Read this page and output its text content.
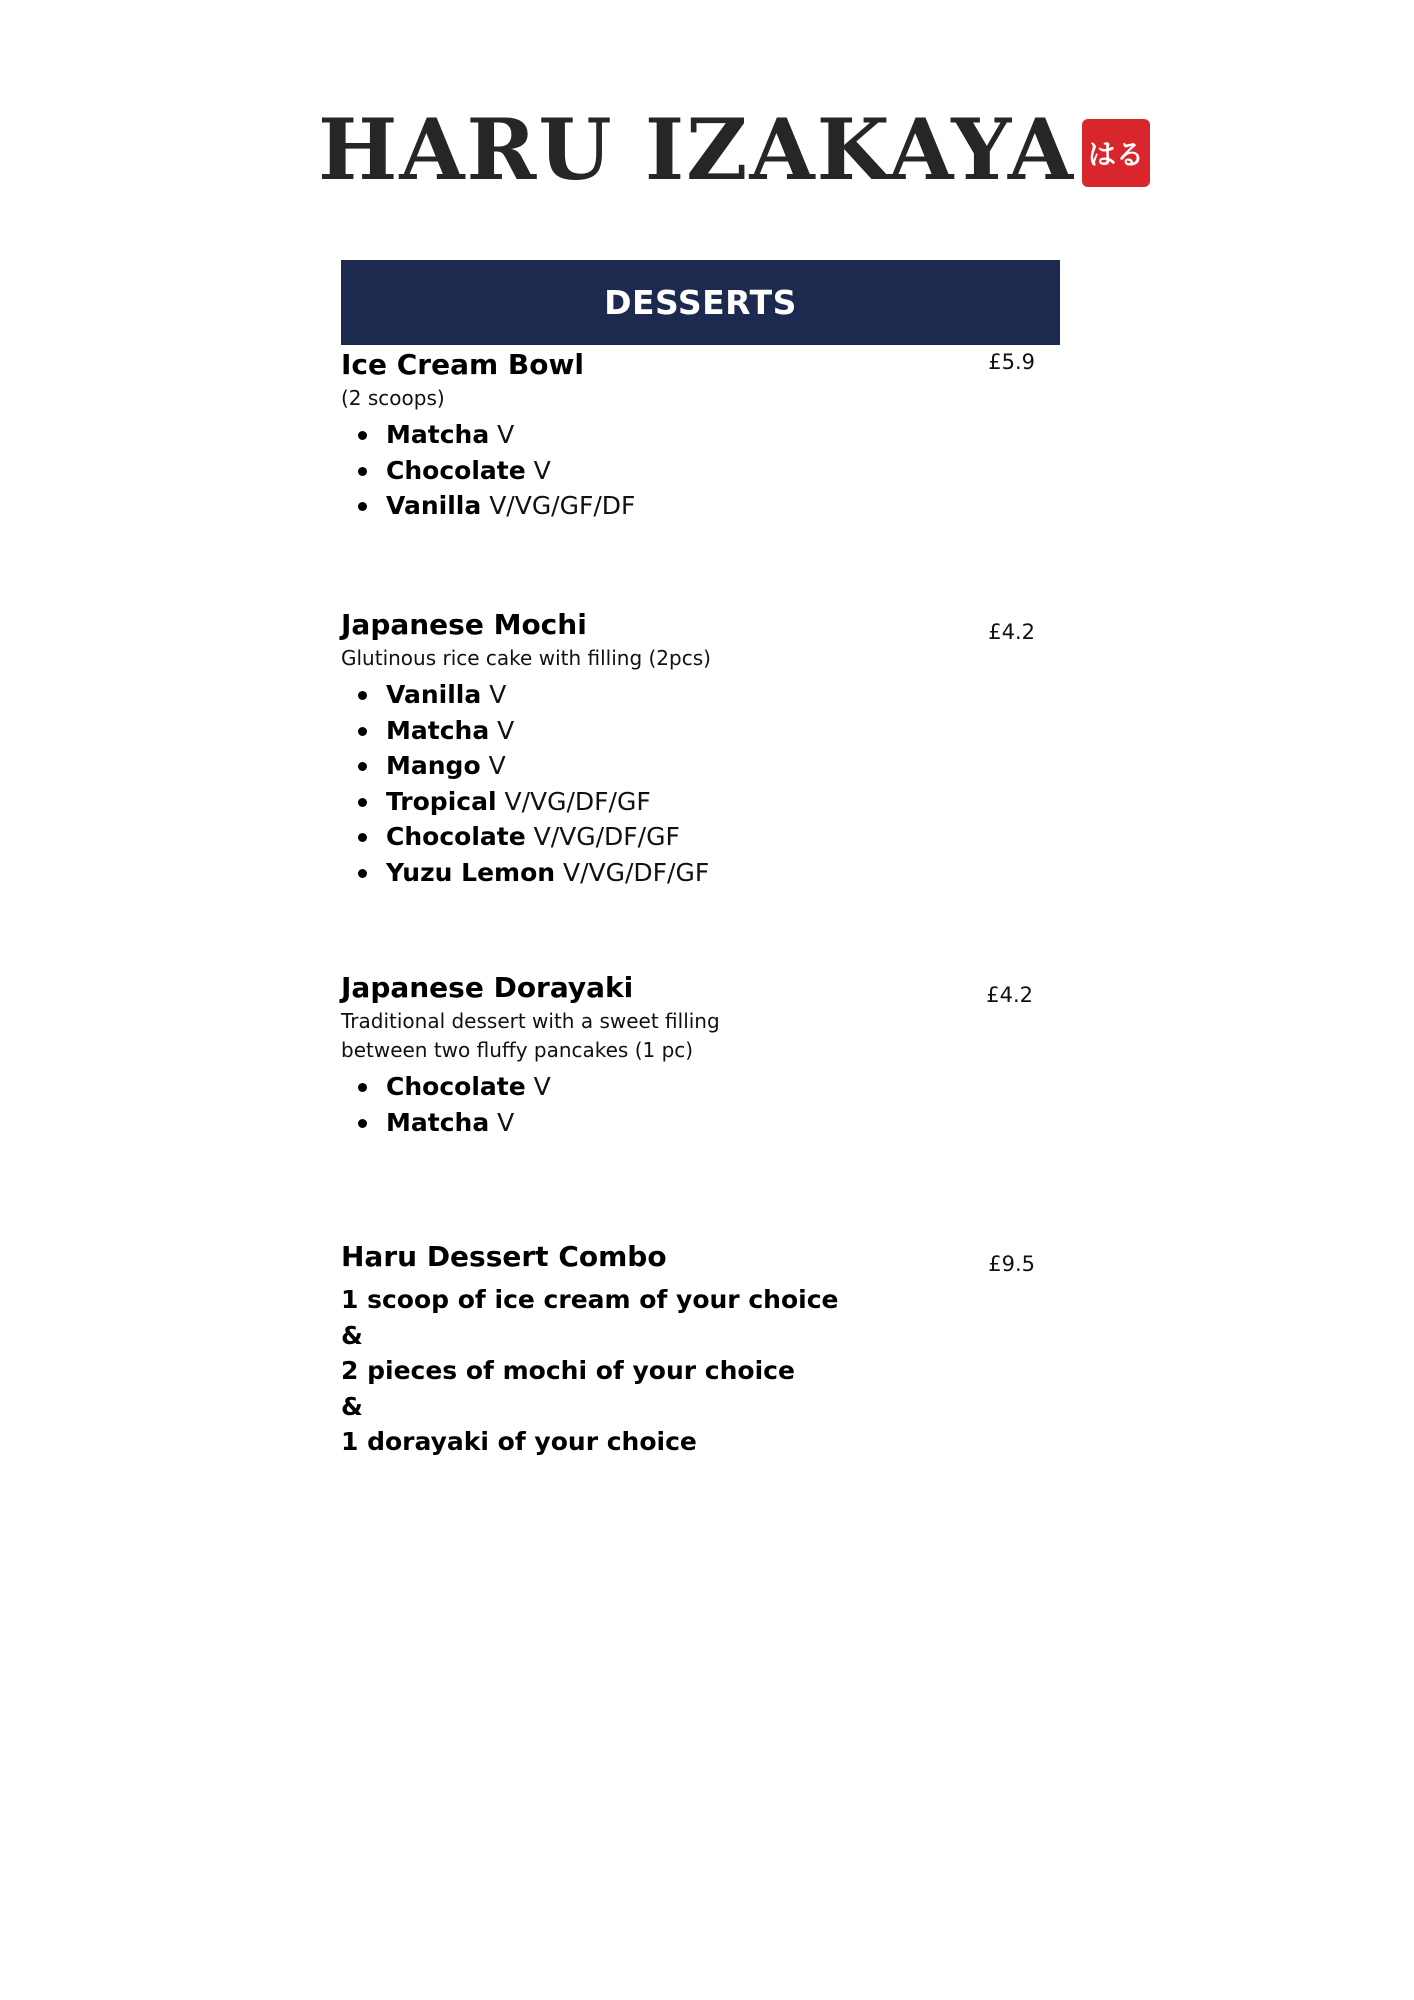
HARU IZAKAYA はる
DESSERTS
Ice Cream Bowl	£5.9
(2 scoops)
Matcha V
Chocolate V
Vanilla V/VG/GF/DF
Japanese Mochi	£4.2
Glutinous rice cake with filling (2pcs)
Vanilla V
Matcha V
Mango V
Tropical V/VG/DF/GF
Chocolate V/VG/DF/GF
Yuzu Lemon V/VG/DF/GF
Japanese Dorayaki	£4.2
Traditional dessert with a sweet filling
between two fluffy pancakes (1 pc)
Chocolate V
Matcha V
Haru Dessert Combo	£9.5
1 scoop of ice cream of your choice
&
2 pieces of mochi of your choice
&
1 dorayaki of your choice
